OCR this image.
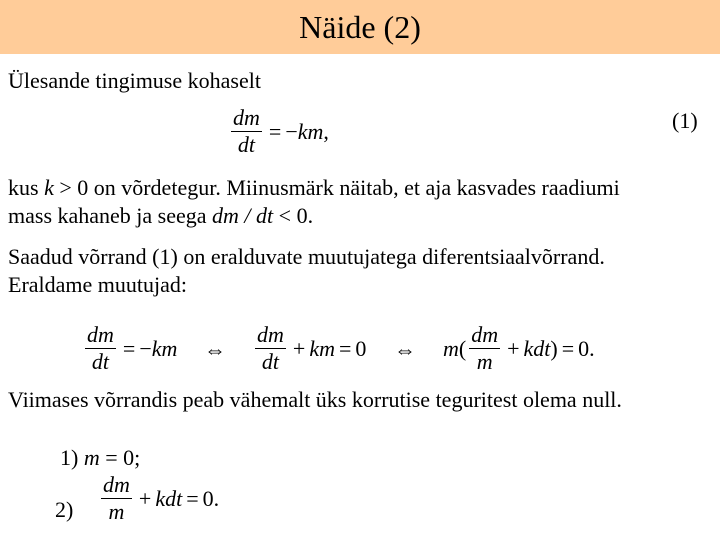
Näide (2)
Ülesande tingimuse kohaselt
$\frac{dm}{dt}$ = − km ,	(1)
kus k > 0 on võrdetegur. Miinusmärk näitab, et aja kasvades raadiumi
mass kahaneb ja seega dm / dt < 0.
Saadud võrrand (1) on eralduvate muutujatega diferentsiaalvõrrand.
Eraldame muutujad:
$\frac{dm}{dt}$ = − km ⇔ $\frac{dm}{dt}$ + km = 0 ⇔ m ( $\frac{dm}{m}$ + kdt ) = 0.
Viimases võrrandis peab vähemalt üks korrutise teguritest olema null.
1) m = 0;
$2) \frac{dm}{m}$ + kdt = 0.
